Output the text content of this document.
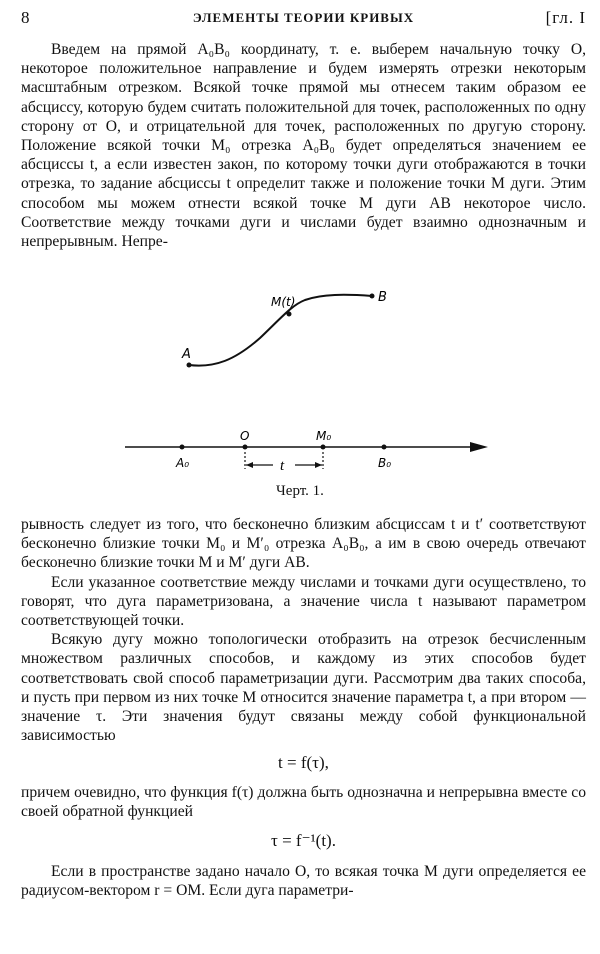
8	ЭЛЕМЕНТЫ ТЕОРИИ КРИВЫХ	[гл. I

Введем на прямой A₀B₀ координату, т. е. выберем начальную точку O, некоторое положительное направление и будем измерять отрезки некоторым масштабным отрезком. Всякой точке прямой мы отнесем таким образом ее абсциссу, которую будем считать положительной для точек, расположенных по одну сторону от O, и отрицательной для точек, расположенных по другую сторону. Положение всякой точки M₀ отрезка A₀B₀ будет определяться значением ее абсциссы t, а если известен закон, по которому точки дуги отображаются в точки отрезка, то задание абсциссы t определит также и положение точки M дуги. Этим способом мы можем отнести всякой точке M дуги AB некоторое число. Соответствие между точками дуги и числами будет взаимно однозначным и непрерывным. Непре-

A
M(t)	B
A₀
O	M₀
B₀
t
Черт. 1.

рывность следует из того, что бесконечно близким абсциссам t и t′ соответствуют бесконечно близкие точки M₀ и M′₀ отрезка A₀B₀, а им в свою очередь отвечают бесконечно близкие точки M и M′ дуги AB.

Если указанное соответствие между числами и точками дуги осуществлено, то говорят, что дуга параметризована, а значение числа t называют параметром соответствующей точки.

Всякую дугу можно топологически отобразить на отрезок бесчисленным множеством различных способов, и каждому из этих способов будет соответствовать свой способ параметризации дуги. Рассмотрим два таких способа, и пусть при первом из них точке M относится значение параметра t, а при втором — значение τ. Эти значения будут связаны между собой функциональной зависимостью

t = f(τ),

причем очевидно, что функция f(τ) должна быть однозначна и непрерывна вместе со своей обратной функцией

τ = f⁻¹(t).

Если в пространстве задано начало O, то всякая точка M дуги определяется ее радиусом-вектором r = OM. Если дуга параметри-
